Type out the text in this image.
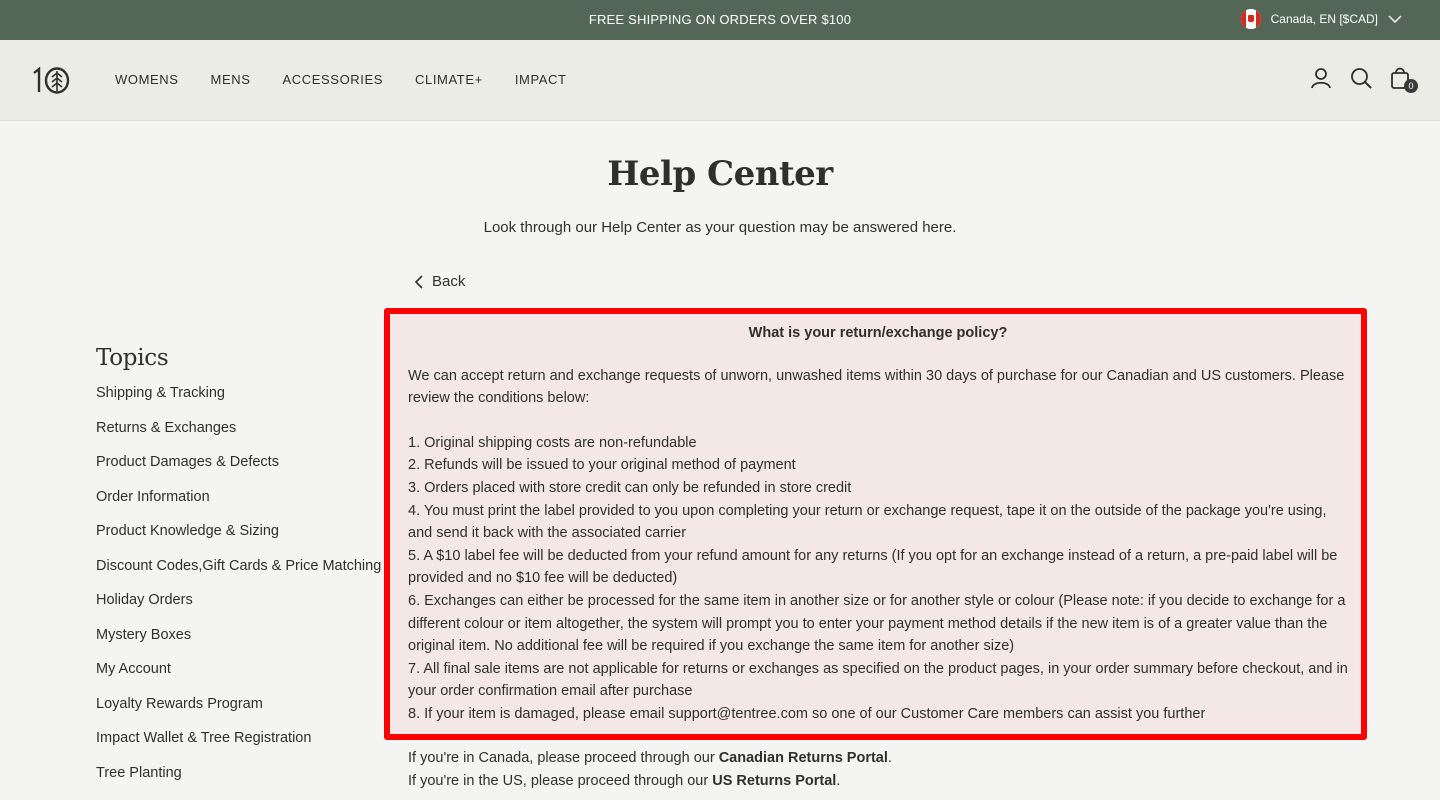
FREE SHIPPING ON ORDERS OVER $100	Canada, EN [$CAD]
WOMENS MENS ACCESSORIES CLIMATE+ IMPACT	0
Help Center

Look through our Help Center as your question may be answered here.

Back
Topics
Shipping & Tracking
Returns & Exchanges
Product Damages & Defects
Order Information
Product Knowledge & Sizing
Discount Codes,Gift Cards & Price Matching
Holiday Orders
Mystery Boxes
My Account
Loyalty Rewards Program
Impact Wallet & Tree Registration
Tree Planting

What is your return/exchange policy?

We can accept return and exchange requests of unworn, unwashed items within 30 days of purchase for our Canadian and US customers. Please review the conditions below:

1. Original shipping costs are non-refundable

2. Refunds will be issued to your original method of payment

3. Orders placed with store credit can only be refunded in store credit

4. You must print the label provided to you upon completing your return or exchange request, tape it on the outside of the package you're using, and send it back with the associated carrier

5. A $10 label fee will be deducted from your refund amount for any returns (If you opt for an exchange instead of a return, a pre-paid label will be provided and no $10 fee will be deducted)

6. Exchanges can either be processed for the same item in another size or for another style or colour (Please note: if you decide to exchange for a different colour or item altogether, the system will prompt you to enter your payment method details if the new item is of a greater value than the original item. No additional fee will be required if you exchange the same item for another size)

7. All final sale items are not applicable for returns or exchanges as specified on the product pages, in your order summary before checkout, and in your order confirmation email after purchase

8. If your item is damaged, please email support@tentree.com so one of our Customer Care members can assist you further

If you're in Canada, please proceed through our Canadian Returns Portal.

If you're in the US, please proceed through our US Returns Portal.
